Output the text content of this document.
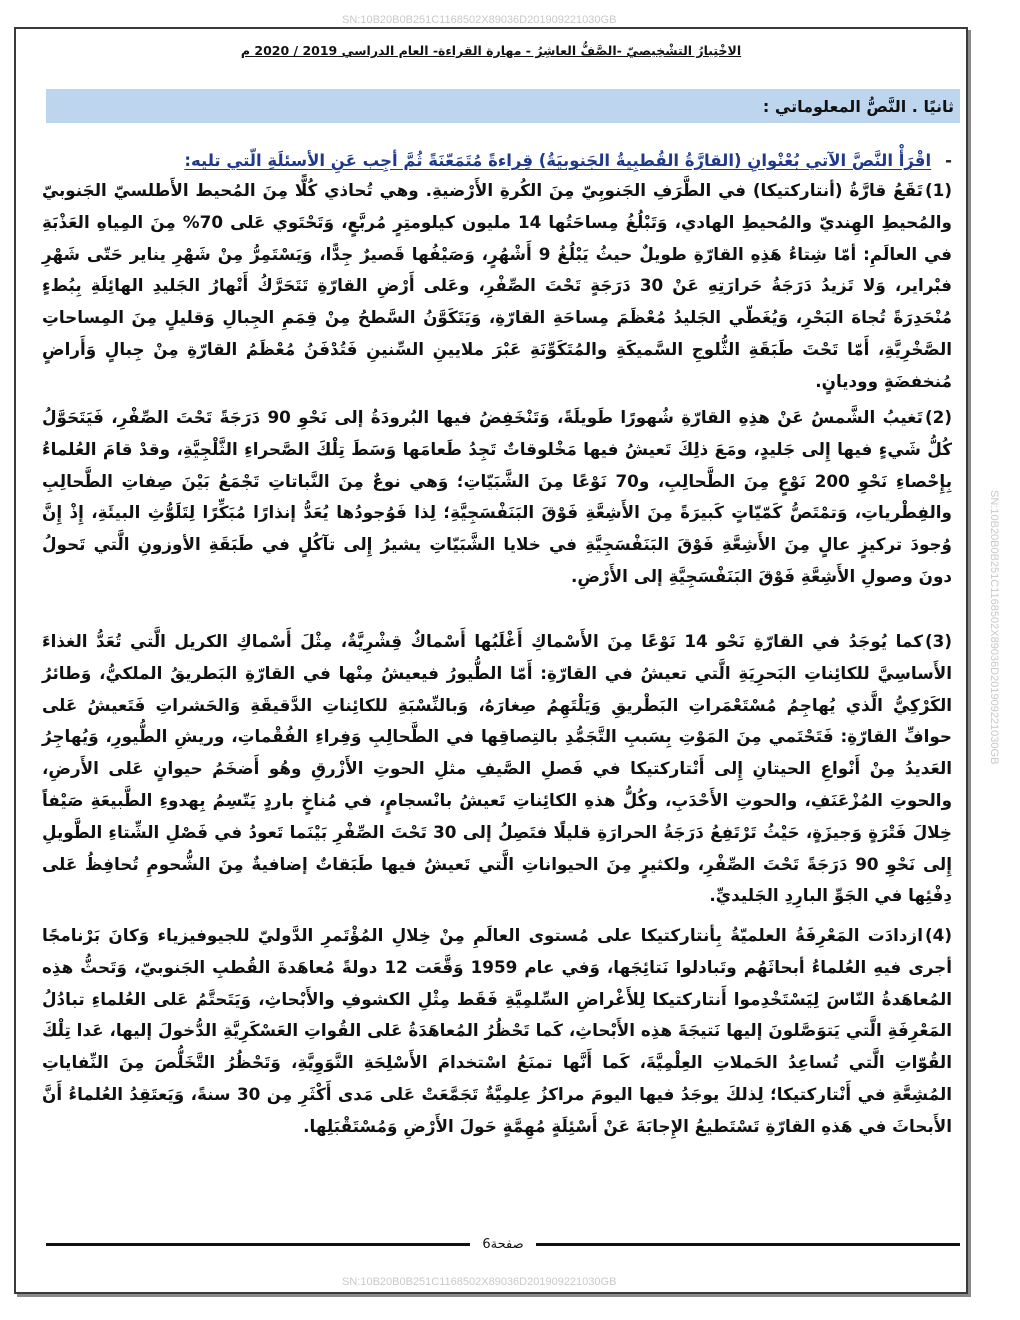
SN:10B20B0B251C1168502X89036D201909221030GB
SN:10B20B0B251C1168502X89036D201909221030GB
الاخْتِبارُ التشْخِيصيّ -الصَّفُّ العاشِرُ - مهارة القراءة- العام الدراسي 2019 / 2020 م
ثانيًا . النَّصُّ المعلوماتي :
-اقْرَأْ النَّصَّ الآتي بُعْنْوانِ (القارَّةُ القُطبِيةُ الجَنوبيَةُ) قِراءةً مُتَمَعّنَةً ثُمَّ أجِب عَنِ الأسئلَةِ الّتي تليه:
(1)تَقَعُ قارَّةُ (أنتاركتيكا) في الطَّرَفِ الجَنوبِيّ مِنَ الكُرةِ الأَرْضيةِ. وهي تُحاذي كُلًّا مِنَ المُحيط الأَطلسيّ الجَنوبيّ والمُحيطِ الهِنديّ والمُحيطِ الهادي، وَتَبْلُغُ مِساحَتُها 14 مليون كيلومتِرٍ مُربَّعٍ، وَتَحْتَوي عَلى 70% مِنَ المِياهِ العَذْبَةِ في العالَمِ: أمّا شِتاءُ هَذِهِ القارّةِ طويلٌ حيثُ يَبْلُغُ 9 أَشْهُرٍ، وَصَيْفُها قَصيرٌ جِدًّا، وَيَسْتَمِرُّ مِنْ شَهْرِ يناير حَتّى شَهْرِ فبْراير، وَلا تَزيدُ دَرَجَةُ حَرارَتِهِ عَنْ 30 دَرَجَةٍ تَحْتَ الصِّفْرِ، وعَلى أَرْضِ القارّةِ تَتَحَرَّكُ أَنْهارُ الجَليدِ الهائِلَةِ بِبُطءٍ مُنْحَدِرَةً تُجاهَ البَحْرِ، وَيُغَطّي الجَليدُ مُعْظَمَ مِساحَةِ القارّةِ، وَيَتَكَوَّنُ السَّطحُ مِنْ قِمَمِ الجِبالِ وَقليلٍ مِنَ المِساحاتِ الصَّخْرِيَّةِ، أَمّا تَحْتَ طَبَقَةِ الثُّلوجِ السَّميكَةِ والمُتَكَوِّنَةِ عَبْرَ ملايينِ السِّنينِ فَتُدْفَنُ مُعْظَمُ القارّةِ مِنْ جِبالٍ وَأَراضٍ مُنخفضَةٍ ووديانٍ.
(2)تَغيبُ الشَّمسُ عَنْ هذِهِ القارّةِ شُهورًا طَويلَةً، وَتَنْخَفِضُ فيها البُرودَةُ إلى نَحْوِ 90 دَرَجَةً تَحْتَ الصِّفْرِ، فَيَتَحَوَّلُ كُلُّ شَيءٍ فيها إِلى جَليدٍ، ومَعَ ذلِكَ تَعيشُ فيها مَخْلوقاتٌ تَجِدُ طَعامَها وَسَطَ تِلْكَ الصَّحراءِ الثَّلْجِيَّةِ، وقدْ قامَ العُلماءُ بِإِحْصاءِ نَحْوِ 200 نَوْعٍ مِنَ الطَّحالِبِ، و70 نَوْعًا مِنَ الشَّبَيّاتِ؛ وَهي نوعٌ مِنَ النَّباتاتِ تَجْمَعُ بَيْنَ صِفاتِ الطَّحالِبِ والفِطْرياتِ، وَتمْتَصُّ كَمّيّاتٍ كَبيرَةً مِنَ الأَشِعَّةِ فَوْقَ البَنَفْسَجِيَّةِ؛ لِذا فَوُجودُها يُعَدُّ إنذارًا مُبَكِّرًا لِتَلَوُّثِ البيئَةِ، إِذْ إِنَّ وُجودَ تركيزٍ عالٍ مِنَ الأَشِعَّةِ فَوْقَ البَنَفْسَجِيَّةِ في خلايا الشَّبَيّاتِ يشيرُ إِلى تآكُلٍ في طَبَقَةِ الأوزونِ الَّتي تَحولُ دونَ وصولِ الأَشِعَّةِ فَوْقَ البَنَفْسَجِيَّةِ إلى الأَرْضِ.
(3)كما يُوجَدُ في القارّةِ نَحْو 14 نَوْعًا مِنَ الأَسْماكِ أَغْلَبُها أَسْماكٌ قِشْرِيَّةٌ، مِثْلَ أَسْماكِ الكريل الَّتي تُعَدُّ الغذاءَ الأَساسِيَّ للكائِناتِ البَحرِيَةِ الَّتي تعيشُ في القارّةِ: أَمّا الطُّيورُ فيعيشُ مِنْها في القارّةِ البَطريقُ الملكيُّ، وَطائرُ الكَرْكِيُّ الَّذي يُهاجِمُ مُسْتَعْمَراتِ البَطْريقِ وَيَلْتَهِمُ صِغارَهُ، وَبالنِّسْبَةِ للكائِناتِ الدَّقيقَةِ وَالحَشراتِ فَتَعيشُ عَلى حوافِّ القارّةِ: فَتَحْتَمي مِنَ المَوْتِ بِسَببِ التَّجَمُّدِ بالتِصاقِها في الطَّحالِبِ وَفِراءِ الفُقْماتِ، وريشِ الطُّيورِ، وَيُهاجِرُ العَديدُ مِنْ أَنْواعِ الحيتانِ إِلى أَنْتاركتيكا في فَصلِ الصَّيفِ مثلِ الحوتِ الأَزْرقِ وهُو أَضخَمُ حيوانٍ عَلى الأَرضِ، والحوتِ المُزْعَنَفِ، والحوتِ الأَحْدَبِ، وكُلُّ هذهِ الكائِناتِ تَعيشُ بانْسجامٍ، في مُناخٍ باردٍ يَتّسِمُ بِهدوءِ الطَّبيعَةِ صَيْفاً خِلالَ فَتْرَةٍ وَجيزَةٍ، حَيْثُ تَرْتَفِعُ دَرَجَةُ الحرارَةِ قليلًا فتَصِلُ إلى 30 تَحْتَ الصِّفْرِ بَيْنَما تَعودُ في فَصْلِ الشِّتاءِ الطَّويلِ إِلى نَحْوِ 90 دَرَجَةً تَحْتَ الصِّفْرِ، ولكثيرٍ مِنَ الحيواناتِ الَّتي تَعيشُ فيها طَبَقاتٌ إضافيةٌ مِنَ الشُّحومِ تُحافِظُ عَلى دِفْئِها في الجَوِّ البارِدِ الجَليديِّ.
(4)ازدادَت المَعْرِفَةُ العلميّةُ بِأنتاركتيكا على مُستوى العالَمِ مِنْ خِلالِ المُؤْتَمرِ الدَّوليّ للجيوفيزياء وَكانَ بَرْنامجًا أجرى فيهِ العُلماءُ أبحاثَهُم وتَبادلوا نَتائِجَها، وَفي عام 1959 وَقَّعَت 12 دولةً مُعاهَدةَ القُطبِ الجَنوبيّ، وَتَحثُّ هذِه المُعاهَدةُ النّاسَ لِيَسْتَخْدِموا أَنتاركتيكا لِلأَغْراضِ السِّلمِيَّةِ فَقَط مِثْلِ الكشوفِ والأَبْحاثِ، وَيَتَحتَّمُ عَلى العُلماءِ تبادُلُ المَعْرِفَةِ الَّتي يَتوَصَّلونَ إليها نَتيجَةَ هذِه الأَبْحاثِ، كَما تَحْظُرُ المُعاهَدَةُ عَلى القُواتِ العَسْكَرِيَّةِ الدُّخولَ إليها، عَدا تِلْكَ القُوّاتِ الَّتي تُساعِدُ الحَملاتِ العِلْمِيَّةَ، كَما أَنَّها تمنَعُ اسْتخدامَ الأَسْلِحَةِ النَّوَوِيَّةِ، وَتَحْظُرُ التَّخَلُّصَ مِنَ النِّفاياتِ المُشِعَّةِ في أَنْتاركتيكا؛ لِذلكَ يوجَدُ فيها اليومَ مراكزُ عِلمِيَّةٌ تَجَمَّعَتْ عَلى مَدى أَكْثَرِ مِن 30 سنةً، وَيَعتَقِدُ العُلماءُ أَنَّ الأَبحاثَ في هَذهِ القارّةِ تَسْتَطيعُ الإِجابَةَ عَنْ أَسْئِلَةٍ مُهِمَّةٍ حَولَ الأَرْضِ وَمُسْتَقْبَلِها.
صفحة6
SN:10B20B0B251C1168502X89036D201909221030GB
